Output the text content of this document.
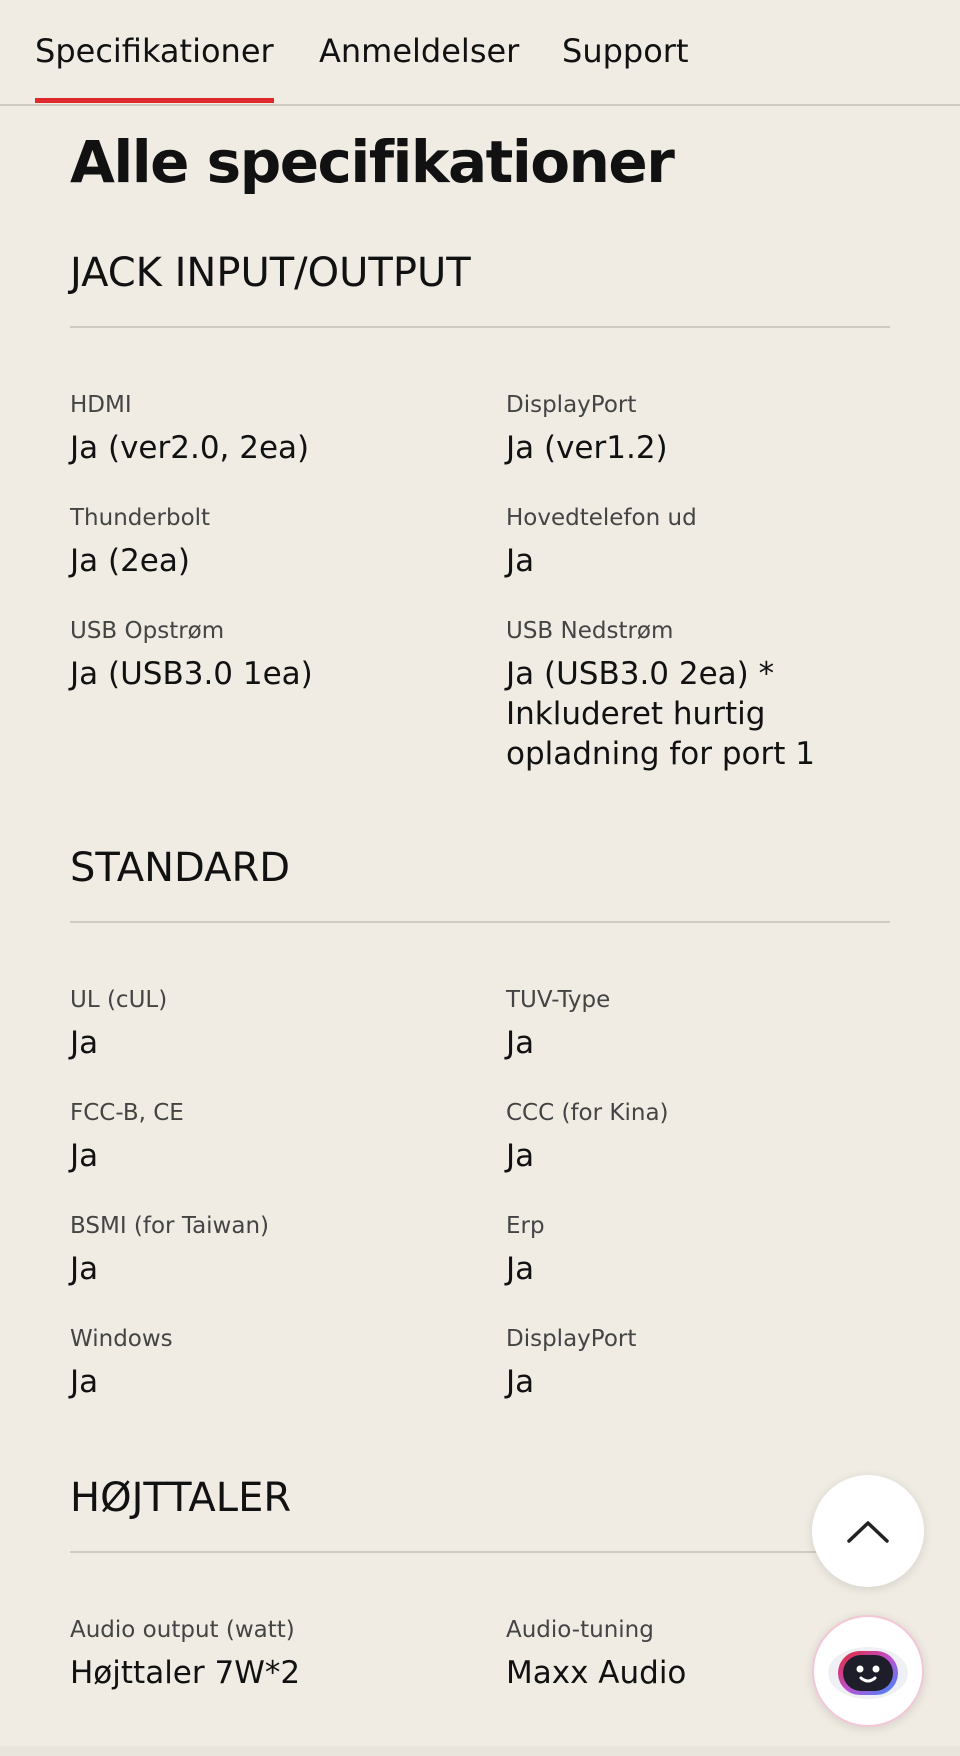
Specifikationer Anmeldelser Support
Alle specifikationer
JACK INPUT/OUTPUT
HDMI
Ja (ver2.0, 2ea)
DisplayPort
Ja (ver1.2)
Thunderbolt
Ja (2ea)
Hovedtelefon ud
Ja
USB Opstrøm
Ja (USB3.0 1ea)
USB Nedstrøm
Ja (USB3.0 2ea) * Inkluderet hurtig opladning for port 1
STANDARD
UL (cUL)
Ja
TUV-Type
Ja
FCC-B, CE
Ja
CCC (for Kina)
Ja
BSMI (for Taiwan)
Ja
Erp
Ja
Windows
Ja
DisplayPort
Ja
HØJTTALER
Audio output (watt)
Højttaler 7W*2
Audio-tuning
Maxx Audio
